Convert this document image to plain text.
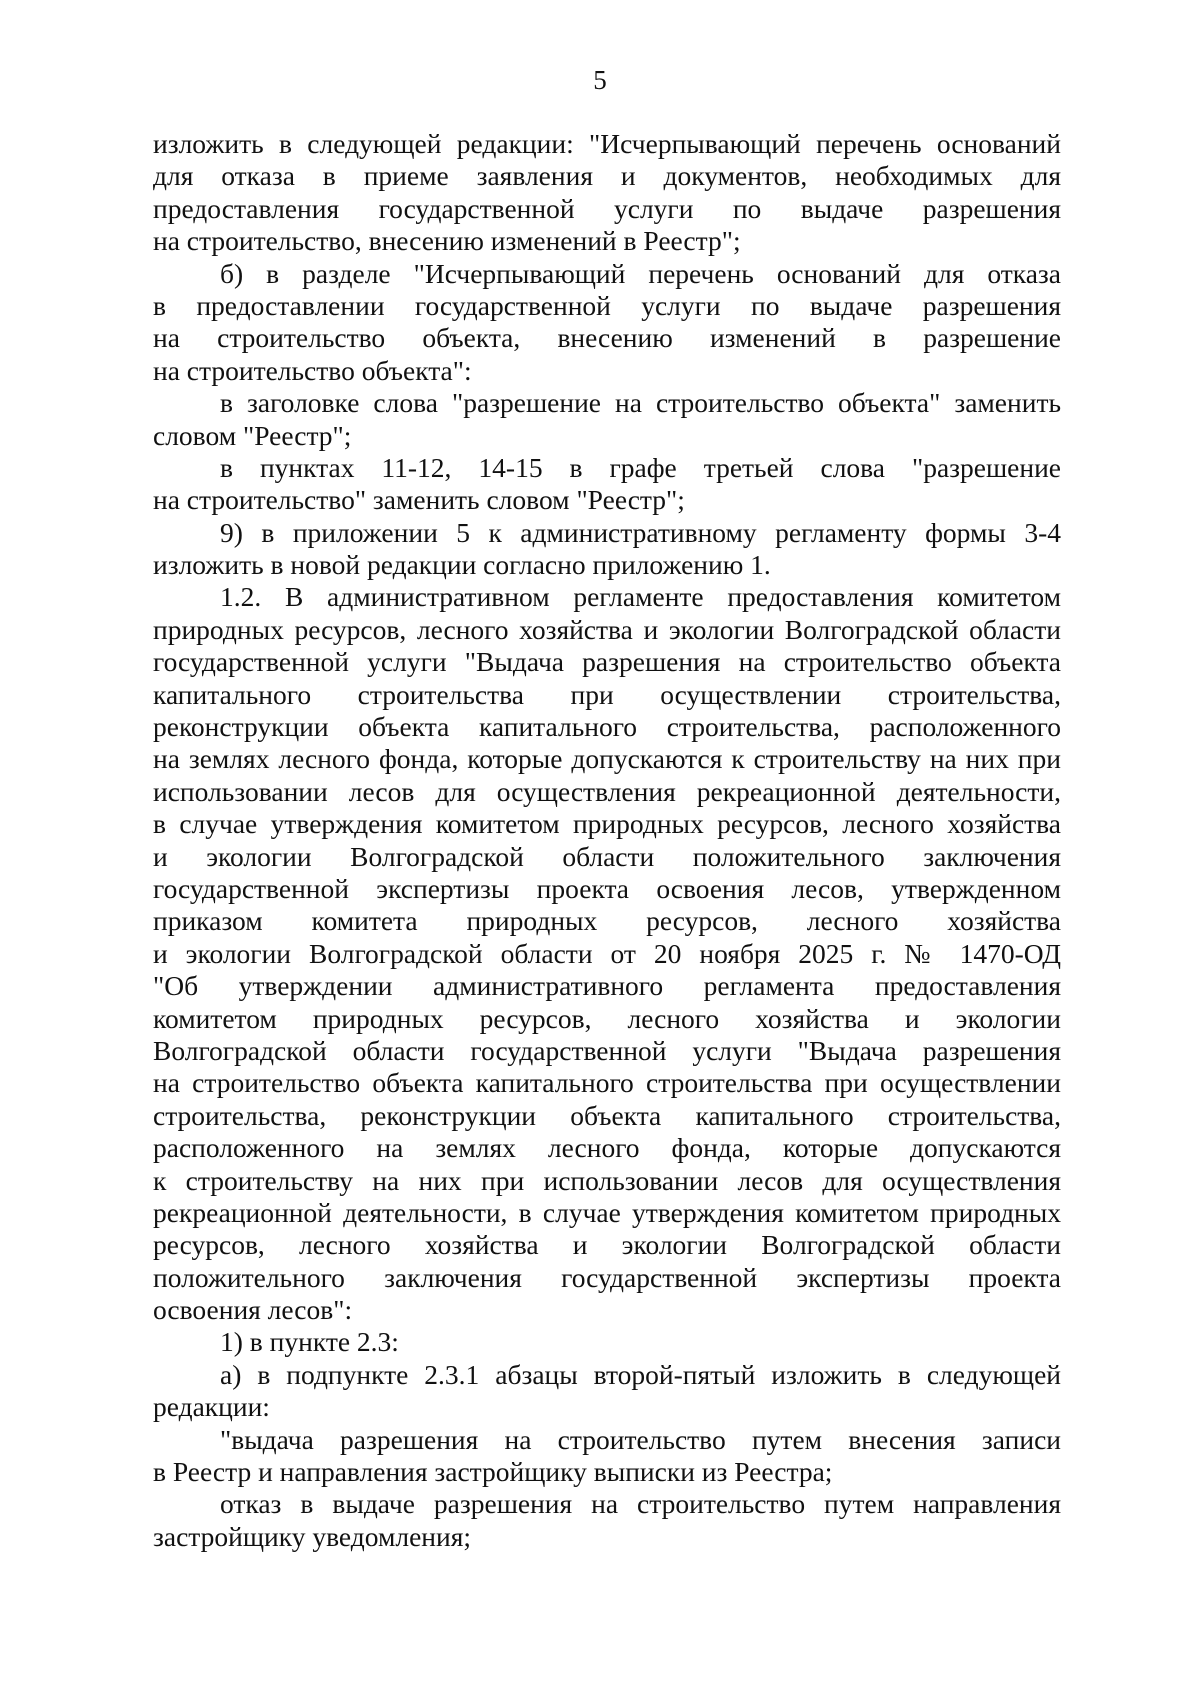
5
изложить в следующей редакции: "Исчерпывающий перечень оснований
для отказа в приеме заявления и документов, необходимых для
предоставления государственной услуги по выдаче разрешения
на строительство, внесению изменений в Реестр";
б) в разделе "Исчерпывающий перечень оснований для отказа
в предоставлении государственной услуги по выдаче разрешения
на строительство объекта, внесению изменений в разрешение
на строительство объекта":
в заголовке слова "разрешение на строительство объекта" заменить
словом "Реестр";
в пунктах 11-12, 14-15 в графе третьей слова "разрешение
на строительство" заменить словом "Реестр";
9) в приложении 5 к административному регламенту формы 3-4
изложить в новой редакции согласно приложению 1.
1.2. В административном регламенте предоставления комитетом
природных ресурсов, лесного хозяйства и экологии Волгоградской области
государственной услуги "Выдача разрешения на строительство объекта
капитального строительства при осуществлении строительства,
реконструкции объекта капитального строительства, расположенного
на землях лесного фонда, которые допускаются к строительству на них при
использовании лесов для осуществления рекреационной деятельности,
в случае утверждения комитетом природных ресурсов, лесного хозяйства
и экологии Волгоградской области положительного заключения
государственной экспертизы проекта освоения лесов, утвержденном
приказом комитета природных ресурсов, лесного хозяйства
и экологии Волгоградской области от 20 ноября 2025 г. № 1470-ОД
"Об утверждении административного регламента предоставления
комитетом природных ресурсов, лесного хозяйства и экологии
Волгоградской области государственной услуги "Выдача разрешения
на строительство объекта капитального строительства при осуществлении
строительства, реконструкции объекта капитального строительства,
расположенного на землях лесного фонда, которые допускаются
к строительству на них при использовании лесов для осуществления
рекреационной деятельности, в случае утверждения комитетом природных
ресурсов, лесного хозяйства и экологии Волгоградской области
положительного заключения государственной экспертизы проекта
освоения лесов":
1) в пункте 2.3:
а) в подпункте 2.3.1 абзацы второй-пятый изложить в следующей
редакции:
"выдача разрешения на строительство путем внесения записи
в Реестр и направления застройщику выписки из Реестра;
отказ в выдаче разрешения на строительство путем направления
застройщику уведомления;
